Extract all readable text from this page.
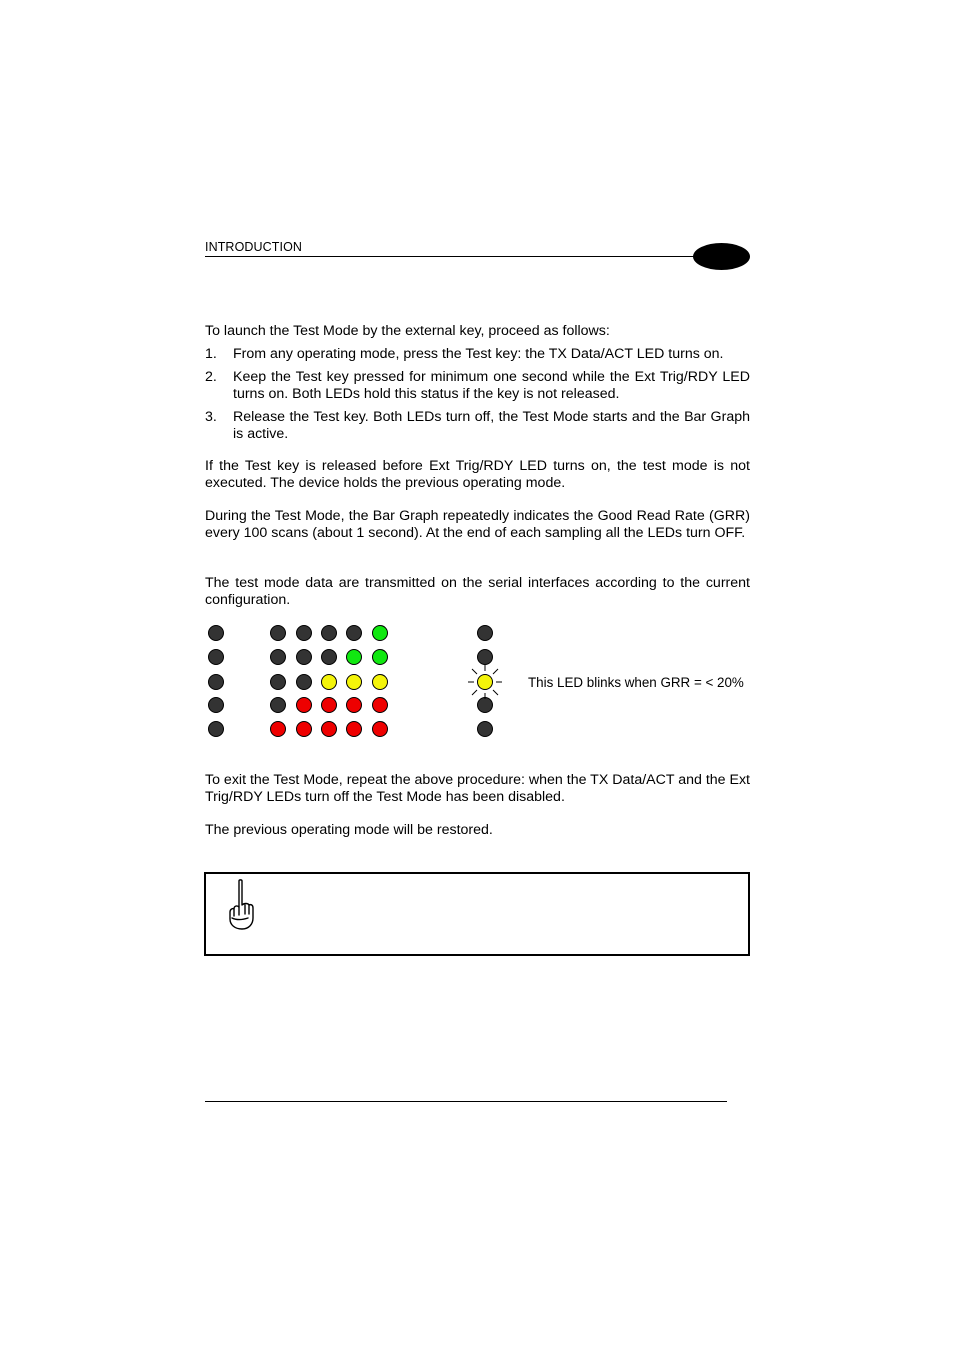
INTRODUCTION
To launch the Test Mode by the external key, proceed as follows:
1.	From any operating mode, press the Test key: the TX Data/ACT LED turns on.
2.	Keep the Test key pressed for minimum one second while the Ext Trig/RDY LED turns on. Both LEDs hold this status if the key is not released.
3.	Release the Test key. Both LEDs turn off, the Test Mode starts and the Bar Graph is active.
If the Test key is released before Ext Trig/RDY LED turns on, the test mode is not executed. The device holds the previous operating mode.
During the Test Mode, the Bar Graph repeatedly indicates the Good Read Rate (GRR) every 100 scans (about 1 second). At the end of each sampling all the LEDs turn OFF.
The test mode data are transmitted on the serial interfaces according to the current configuration.
This LED blinks when GRR = < 20%
To exit the Test Mode, repeat the above procedure: when the TX Data/ACT and the Ext Trig/RDY LEDs turn off the Test Mode has been disabled.
The previous operating mode will be restored.
